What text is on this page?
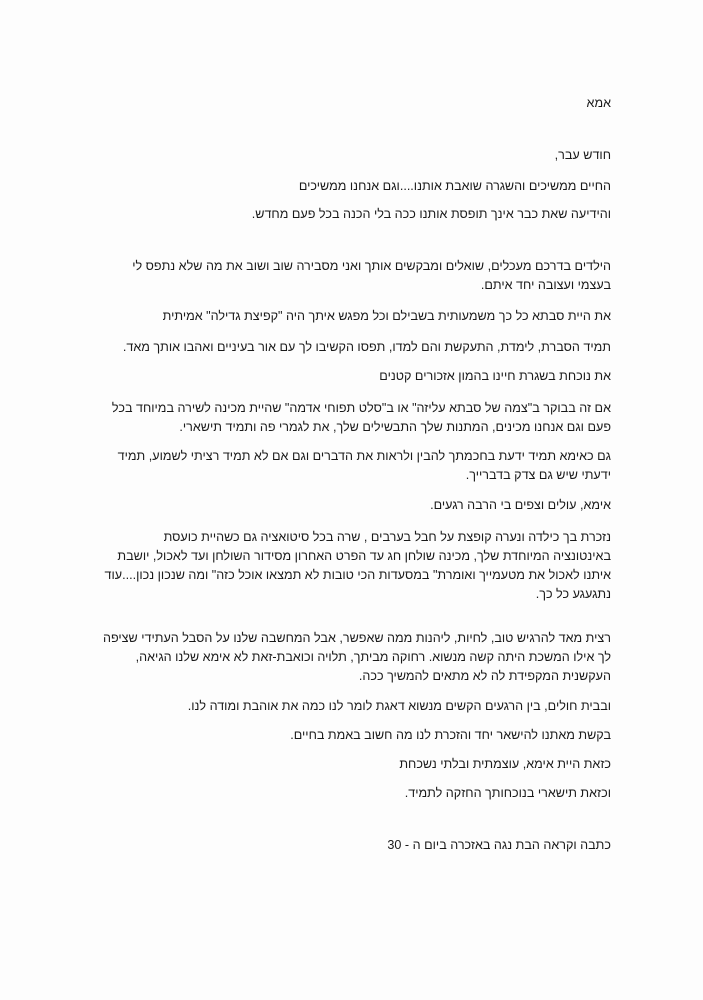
אמא
חודש עבר,
החיים ממשיכים והשגרה שואבת אותנו....וגם אנחנו ממשיכים
והידיעה שאת כבר אינך תופסת אותנו ככה בלי הכנה בכל פעם מחדש.
הילדים בדרכם מעכלים, שואלים ומבקשים אותך ואני מסבירה שוב ושוב את מה שלא נתפס לי
בעצמי ועצובה יחד איתם.
את היית סבתא כל כך משמעותית בשבילם וכל מפגש איתך היה "קפיצת גדילה" אמיתית
תמיד הסברת, לימדת, התעקשת והם למדו, תפסו הקשיבו לך עם אור בעיניים ואהבו אותך מאד.
את נוכחת בשגרת חיינו בהמון אזכורים קטנים
אם זה בבוקר ב"צמה של סבתא עליזה" או ב"סלט תפוחי אדמה" שהיית מכינה לשירה במיוחד בכל
פעם וגם אנחנו מכינים, המתנות שלך התבשילים שלך, את לגמרי פה ותמיד תישארי.
גם כאימא תמיד ידעת בחכמתך להבין ולראות את הדברים וגם אם לא תמיד רציתי לשמוע, תמיד
ידעתי שיש גם צדק בדברייך.
אימא, עולים וצפים בי הרבה רגעים.
נזכרת בך כילדה ונערה קופצת על חבל בערבים , שרה בכל סיטואציה גם כשהיית כועסת
באינטונציה המיוחדת שלך, מכינה שולחן חג עד הפרט האחרון מסידור השולחן ועד לאכול, יושבת
איתנו לאכול את מטעמייך ואומרת" במסעדות הכי טובות לא תמצאו אוכל כזה" ומה שנכון נכון....עוד
נתגעגע כל כך.
רצית מאד להרגיש טוב, לחיות, ליהנות ממה שאפשר, אבל המחשבה שלנו על הסבל העתידי שציפה
לך אילו המשכת היתה קשה מנשוא. רחוקה מביתך, תלויה וכואבת-זאת לא אימא שלנו הגיאה,
העקשנית המקפידת לה לא מתאים להמשיך ככה.
ובבית חולים, בין הרגעים הקשים מנשוא דאגת לומר לנו כמה את אוהבת ומודה לנו.
בקשת מאתנו להישאר יחד והזכרת לנו מה חשוב באמת בחיים.
כזאת היית אימא, עוצמתית ובלתי נשכחת
וכזאת תישארי בנוכחותך החזקה לתמיד.
כתבה וקראה הבת נגה באזכרה ביום ה - 30
